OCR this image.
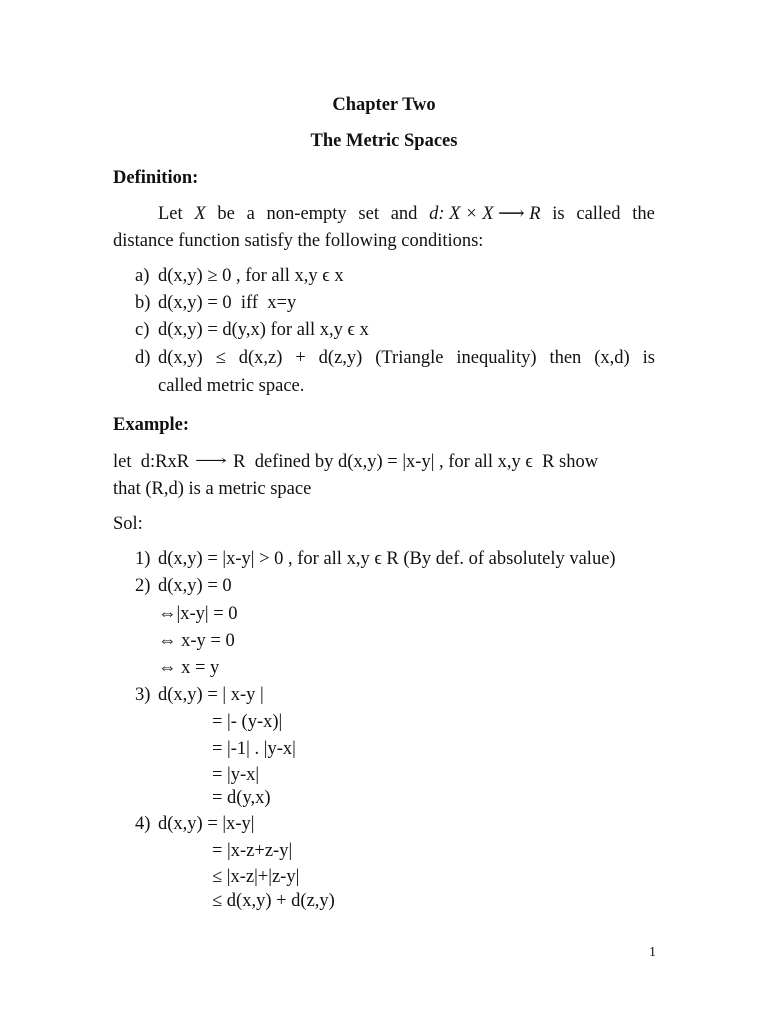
Chapter Two
The Metric Spaces
Definition:
Let X be a non-empty set and d: X × X ⟶ R is called the
distance function satisfy the following conditions:
a) d(x,y) ≥ 0 , for all x,y ϵ x
b) d(x,y) = 0  iff  x=y
c) d(x,y) = d(y,x) for all x,y ϵ x
d) d(x,y) ≤ d(x,z) + d(z,y) (Triangle inequality) then (x,d) is
called metric space.
Example:
let  d:RxR ⟶ R  defined by d(x,y) = |x-y| , for all x,y ϵ  R show
that (R,d) is a metric space
Sol:
1) d(x,y) = |x-y| > 0 , for all x,y ϵ R (By def. of absolutely value)
2) d(x,y) = 0
⇔|x-y| = 0
⇔ x-y = 0
⇔ x = y
3) d(x,y) = | x-y |
= |- (y-x)|
= |-1| . |y-x|
= |y-x|
= d(y,x)
4) d(x,y) = |x-y|
= |x-z+z-y|
≤ |x-z|+|z-y|
≤ d(x,y) + d(z,y)
1
